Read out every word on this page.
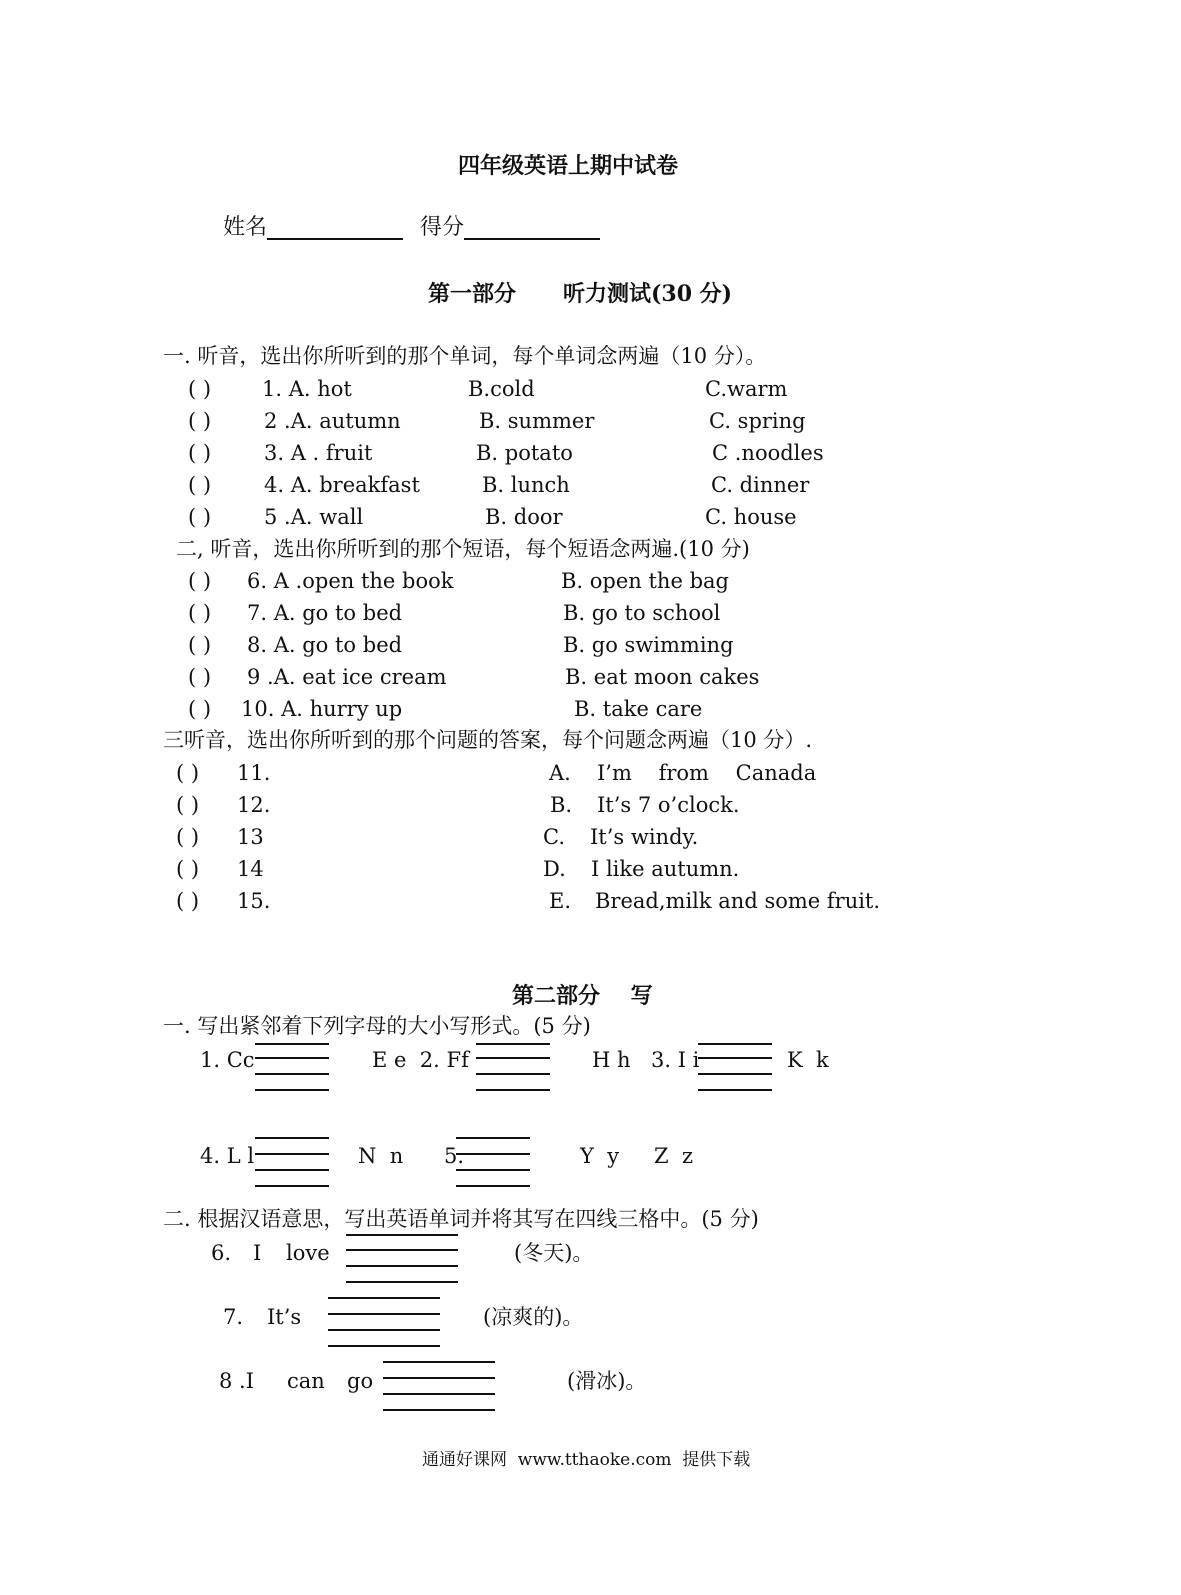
四年级英语上期中试卷
姓名	得分
第一部分 听力测试(30 分)
一. 听音，选出你所听到的那个单词，每个单词念两遍（10 分）。
( ) 1. A. hot	B.cold	C.warm
( )	2 .A. autumn	B. summer	C. spring
( )	3. A . fruit	B. potato	C .noodles
( )	4. A. breakfast	B. lunch	C. dinner
( )	5 .A. wall	B. door	C. house
二, 听音，选出你所听到的那个短语，每个短语念两遍.(10 分)
( ) 6. A .open the book	B. open the bag
( ) 7. A. go to bed	B. go to school
( ) 8. A. go to bed	B. go swimming
( ) 9 .A. eat ice cream	B. eat moon cakes
( ) 10. A. hurry up	B. take care
三听音，选出你所听到的那个问题的答案，每个问题念两遍（10 分）.
( ) 11.	A. I’m    from    Canada
( ) 12.	B. It’s 7 o’clock.
( ) 13	C. It’s windy.
( ) 14	D. I like autumn.
( ) 15.	E. Bread,milk and some fruit.
第二部分    写
一. 写出紧邻着下列字母的大小写形式。(5 分)
1. Cc	E e  2. Ff	H h 3. I i	K  k
4. L l	N  n 5.	Y  y Z  z
二. 根据汉语意思，写出英语单词并将其写在四线三格中。(5 分)
6. I love	(冬天)。
7. It’s	(凉爽的)。
8 .I can go	(滑冰)。
通通好课网  www.tthaoke.com  提供下载
